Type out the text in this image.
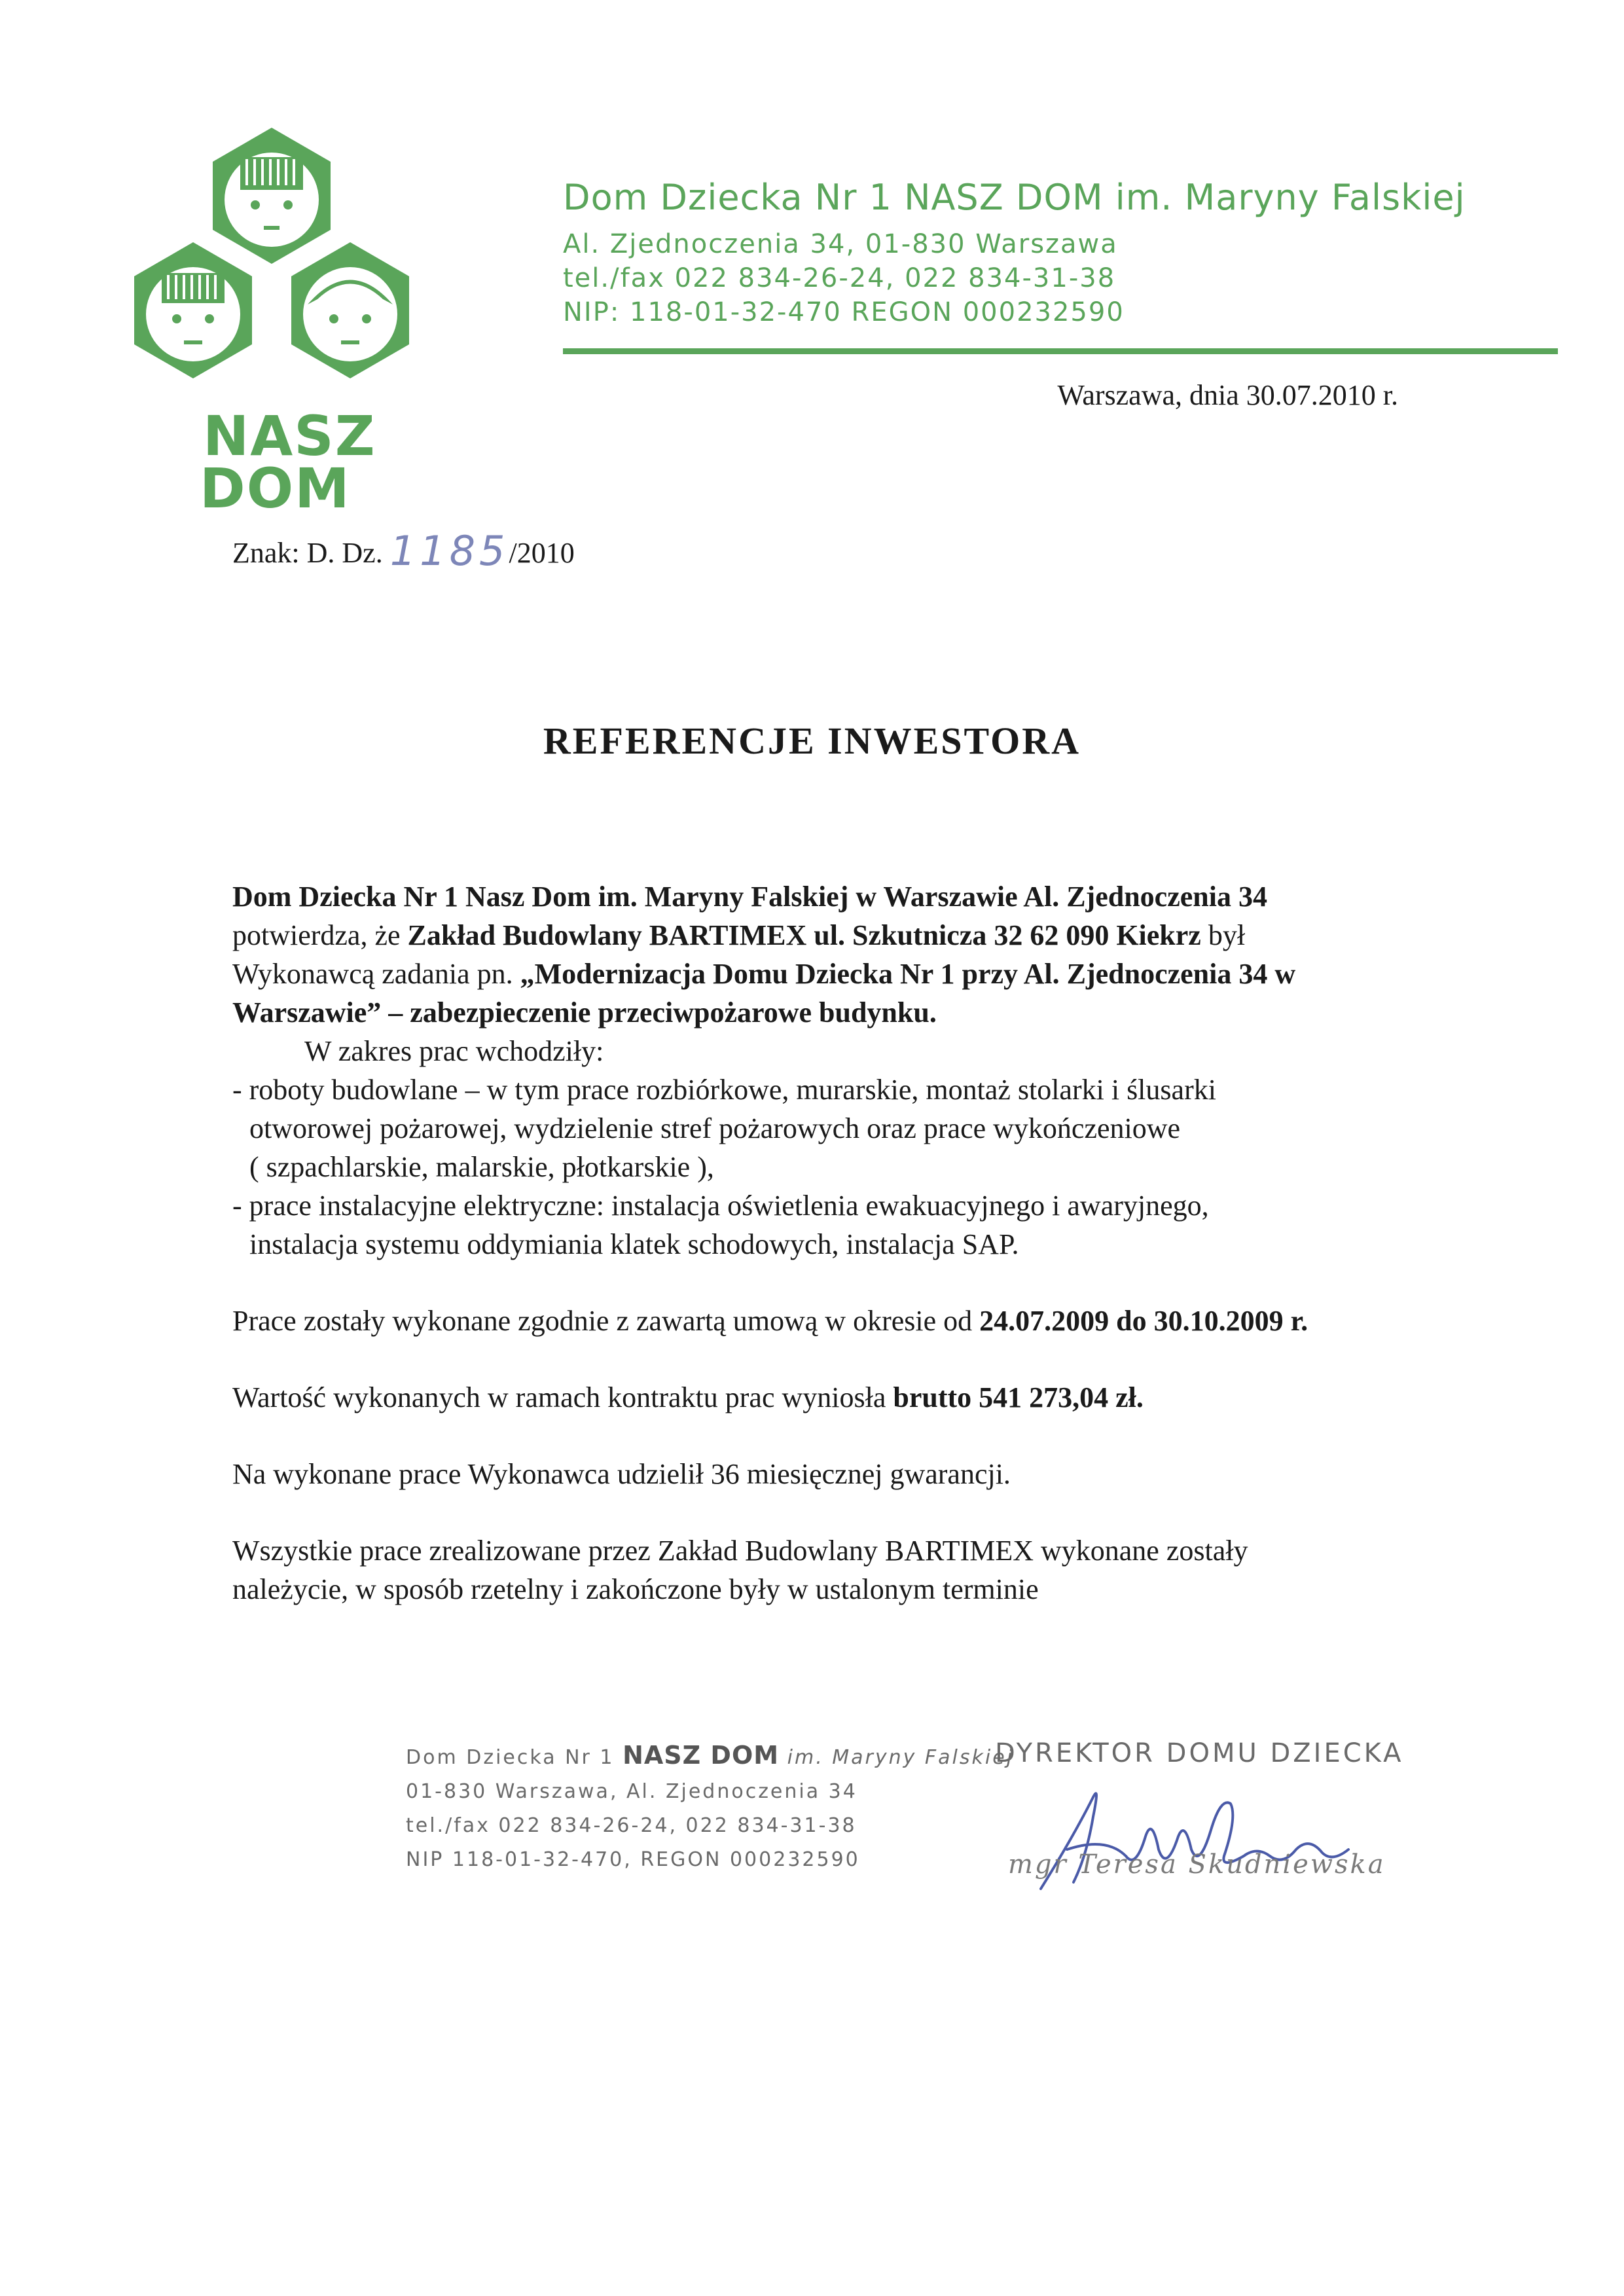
NASZ
DOM
Dom Dziecka Nr 1 NASZ DOM im. Maryny Falskiej
Al. Zjednoczenia 34, 01-830 Warszawa
tel./fax 022 834-26-24, 022 834-31-38
NIP: 118-01-32-470 REGON 000232590
Warszawa, dnia 30.07.2010 r.
Znak: D. Dz. 1185/2010
REFERENCJE INWESTORA

Dom Dziecka Nr 1 Nasz Dom im. Maryny Falskiej w Warszawie Al. Zjednoczenia 34
potwierdza, że Zakład Budowlany BARTIMEX ul. Szkutnicza 32 62 090 Kiekrz był
Wykonawcą zadania pn. „Modernizacja Domu Dziecka Nr 1 przy Al. Zjednoczenia 34 w
Warszawie” – zabezpieczenie przeciwpożarowe budynku.

W zakres prac wchodziły:

- roboty budowlane – w tym prace rozbiórkowe, murarskie, montaż stolarki i ślusarki
otworowej pożarowej, wydzielenie stref pożarowych oraz prace wykończeniowe
( szpachlarskie, malarskie, płotkarskie ),

- prace instalacyjne elektryczne: instalacja oświetlenia ewakuacyjnego i awaryjnego,
instalacja systemu oddymiania klatek schodowych, instalacja SAP.

Prace zostały wykonane zgodnie z zawartą umową w okresie od 24.07.2009 do 30.10.2009 r.

Wartość wykonanych w ramach kontraktu prac wyniosła brutto 541 273,04 zł.

Na wykonane prace Wykonawca udzielił 36 miesięcznej gwarancji.

Wszystkie prace zrealizowane przez Zakład Budowlany BARTIMEX wykonane zostały
należycie, w sposób rzetelny i zakończone były w ustalonym terminie

Dom Dziecka Nr 1 NASZ DOM im. Maryny Falskiej
01-830 Warszawa, Al. Zjednoczenia 34
tel./fax 022 834-26-24, 022 834-31-38
NIP 118-01-32-470, REGON 000232590
DYREKTOR DOMU DZIECKA
mgr Teresa Skudniewska
